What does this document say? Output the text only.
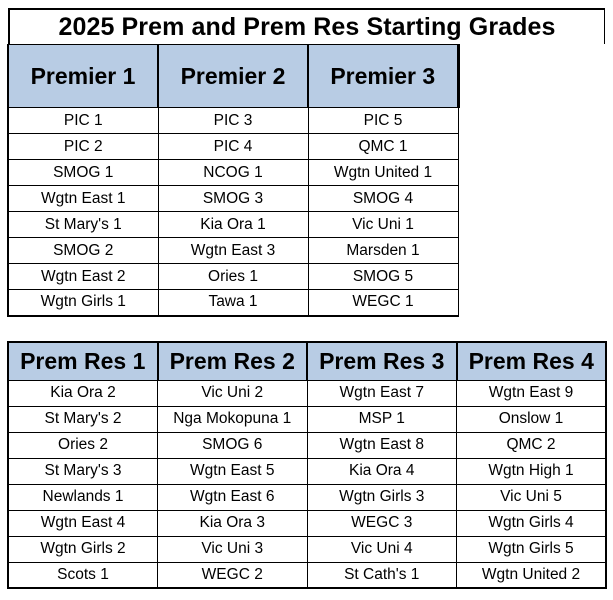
2025 Prem and Prem Res Starting Grades
Premier 1	Premier 2	Premier 3
PIC 1	PIC 3	PIC 5
PIC 2	PIC 4	QMC 1
SMOG 1	NCOG 1	Wgtn United 1
Wgtn East 1	SMOG 3	SMOG 4
St Mary's 1	Kia Ora 1	Vic Uni 1
SMOG 2	Wgtn East 3	Marsden 1
Wgtn East 2	Ories 1	SMOG 5
Wgtn Girls 1	Tawa 1	WEGC 1
Prem Res 1	Prem Res 2	Prem Res 3	Prem Res 4
Kia Ora 2	Vic Uni 2	Wgtn East 7	Wgtn East 9
St Mary's 2	Nga Mokopuna 1	MSP 1	Onslow 1
Ories 2	SMOG 6	Wgtn East 8	QMC 2
St Mary's 3	Wgtn East 5	Kia Ora 4	Wgtn High 1
Newlands 1	Wgtn East 6	Wgtn Girls 3	Vic Uni 5
Wgtn East 4	Kia Ora 3	WEGC 3	Wgtn Girls 4
Wgtn Girls 2	Vic Uni 3	Vic Uni 4	Wgtn Girls 5
Scots 1	WEGC 2	St Cath's 1	Wgtn United 2
